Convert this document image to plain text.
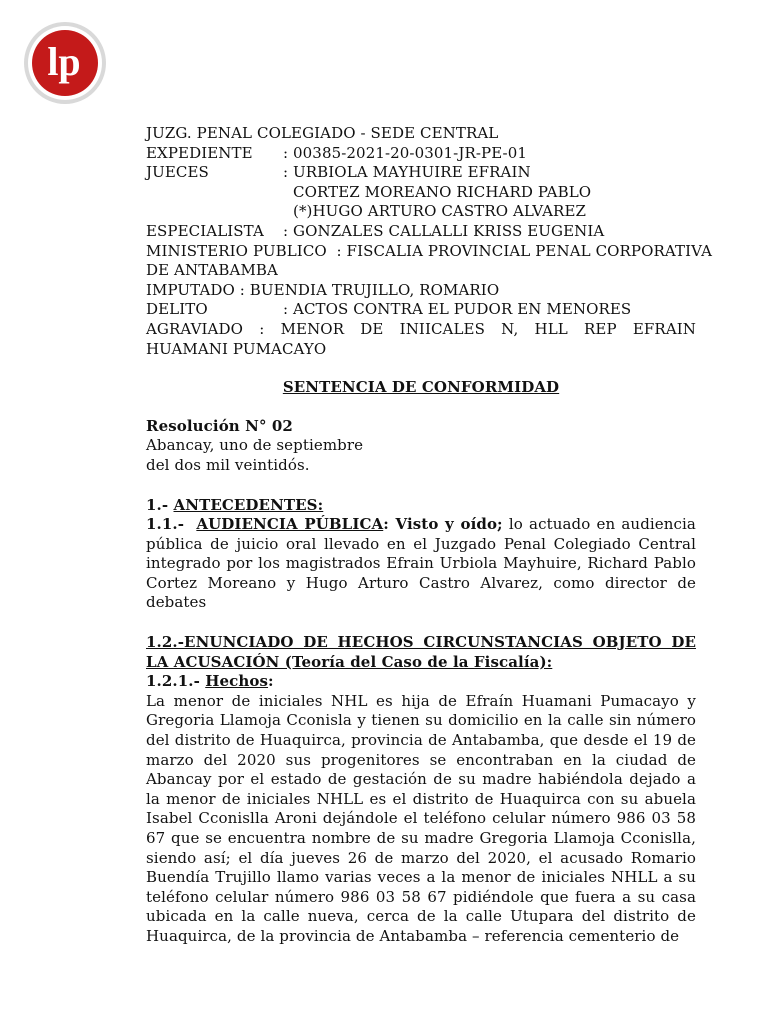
lp
JUZG. PENAL COLEGIADO - SEDE CENTRAL
EXPEDIENTE	: 00385-2021-20-0301-JR-PE-01
JUECES	: URBIOLA MAYHUIRE EFRAIN
CORTEZ MOREANO RICHARD PABLO
(*)HUGO ARTURO CASTRO ALVAREZ
ESPECIALISTA	: GONZALES CALLALLI KRISS EUGENIA
MINISTERIO PUBLICO  : FISCALIA PROVINCIAL PENAL CORPORATIVA
DE ANTABAMBA
IMPUTADO : BUENDIA TRUJILLO, ROMARIO
DELITO	: ACTOS CONTRA EL PUDOR EN MENORES
AGRAVIADO : MENOR DE INIICALES N, HLL REP EFRAIN
HUAMANI PUMACAYO
SENTENCIA DE CONFORMIDAD
Resolución N° 02
Abancay, uno de septiembre
del dos mil veintidós.
1.- ANTECEDENTES:
1.1.- AUDIENCIA PÚBLICA: Visto y oído; lo actuado en audiencia pública de juicio oral llevado en el Juzgado Penal Colegiado Central integrado por los magistrados Efrain Urbiola Mayhuire, Richard Pablo Cortez Moreano y Hugo Arturo Castro Alvarez, como director de debates
1.2.-ENUNCIADO DE HECHOS CIRCUNSTANCIAS OBJETO DE LA ACUSACIÓN (Teoría del Caso de la Fiscalía):
1.2.1.- Hechos:
La menor de iniciales NHL es hija de Efraín Huamani Pumacayo y Gregoria Llamoja Cconisla y tienen su domicilio en la calle sin número del distrito de Huaquirca, provincia de Antabamba, que desde el 19 de marzo del 2020 sus progenitores se encontraban en la ciudad de Abancay por el estado de gestación de su madre habiéndola dejado a la menor de iniciales NHLL es el distrito de Huaquirca con su abuela Isabel Cconislla Aroni dejándole el teléfono celular número 986 03 58 67 que se encuentra nombre de su madre Gregoria Llamoja Cconislla, siendo así; el día jueves 26 de marzo del 2020, el acusado Romario Buendía Trujillo llamo varias veces a la menor de iniciales NHLL a su teléfono celular número 986 03 58 67 pidiéndole que fuera a su casa ubicada en la calle nueva, cerca de la calle Utupara del distrito de Huaquirca, de la provincia de Antabamba – referencia cementerio de
